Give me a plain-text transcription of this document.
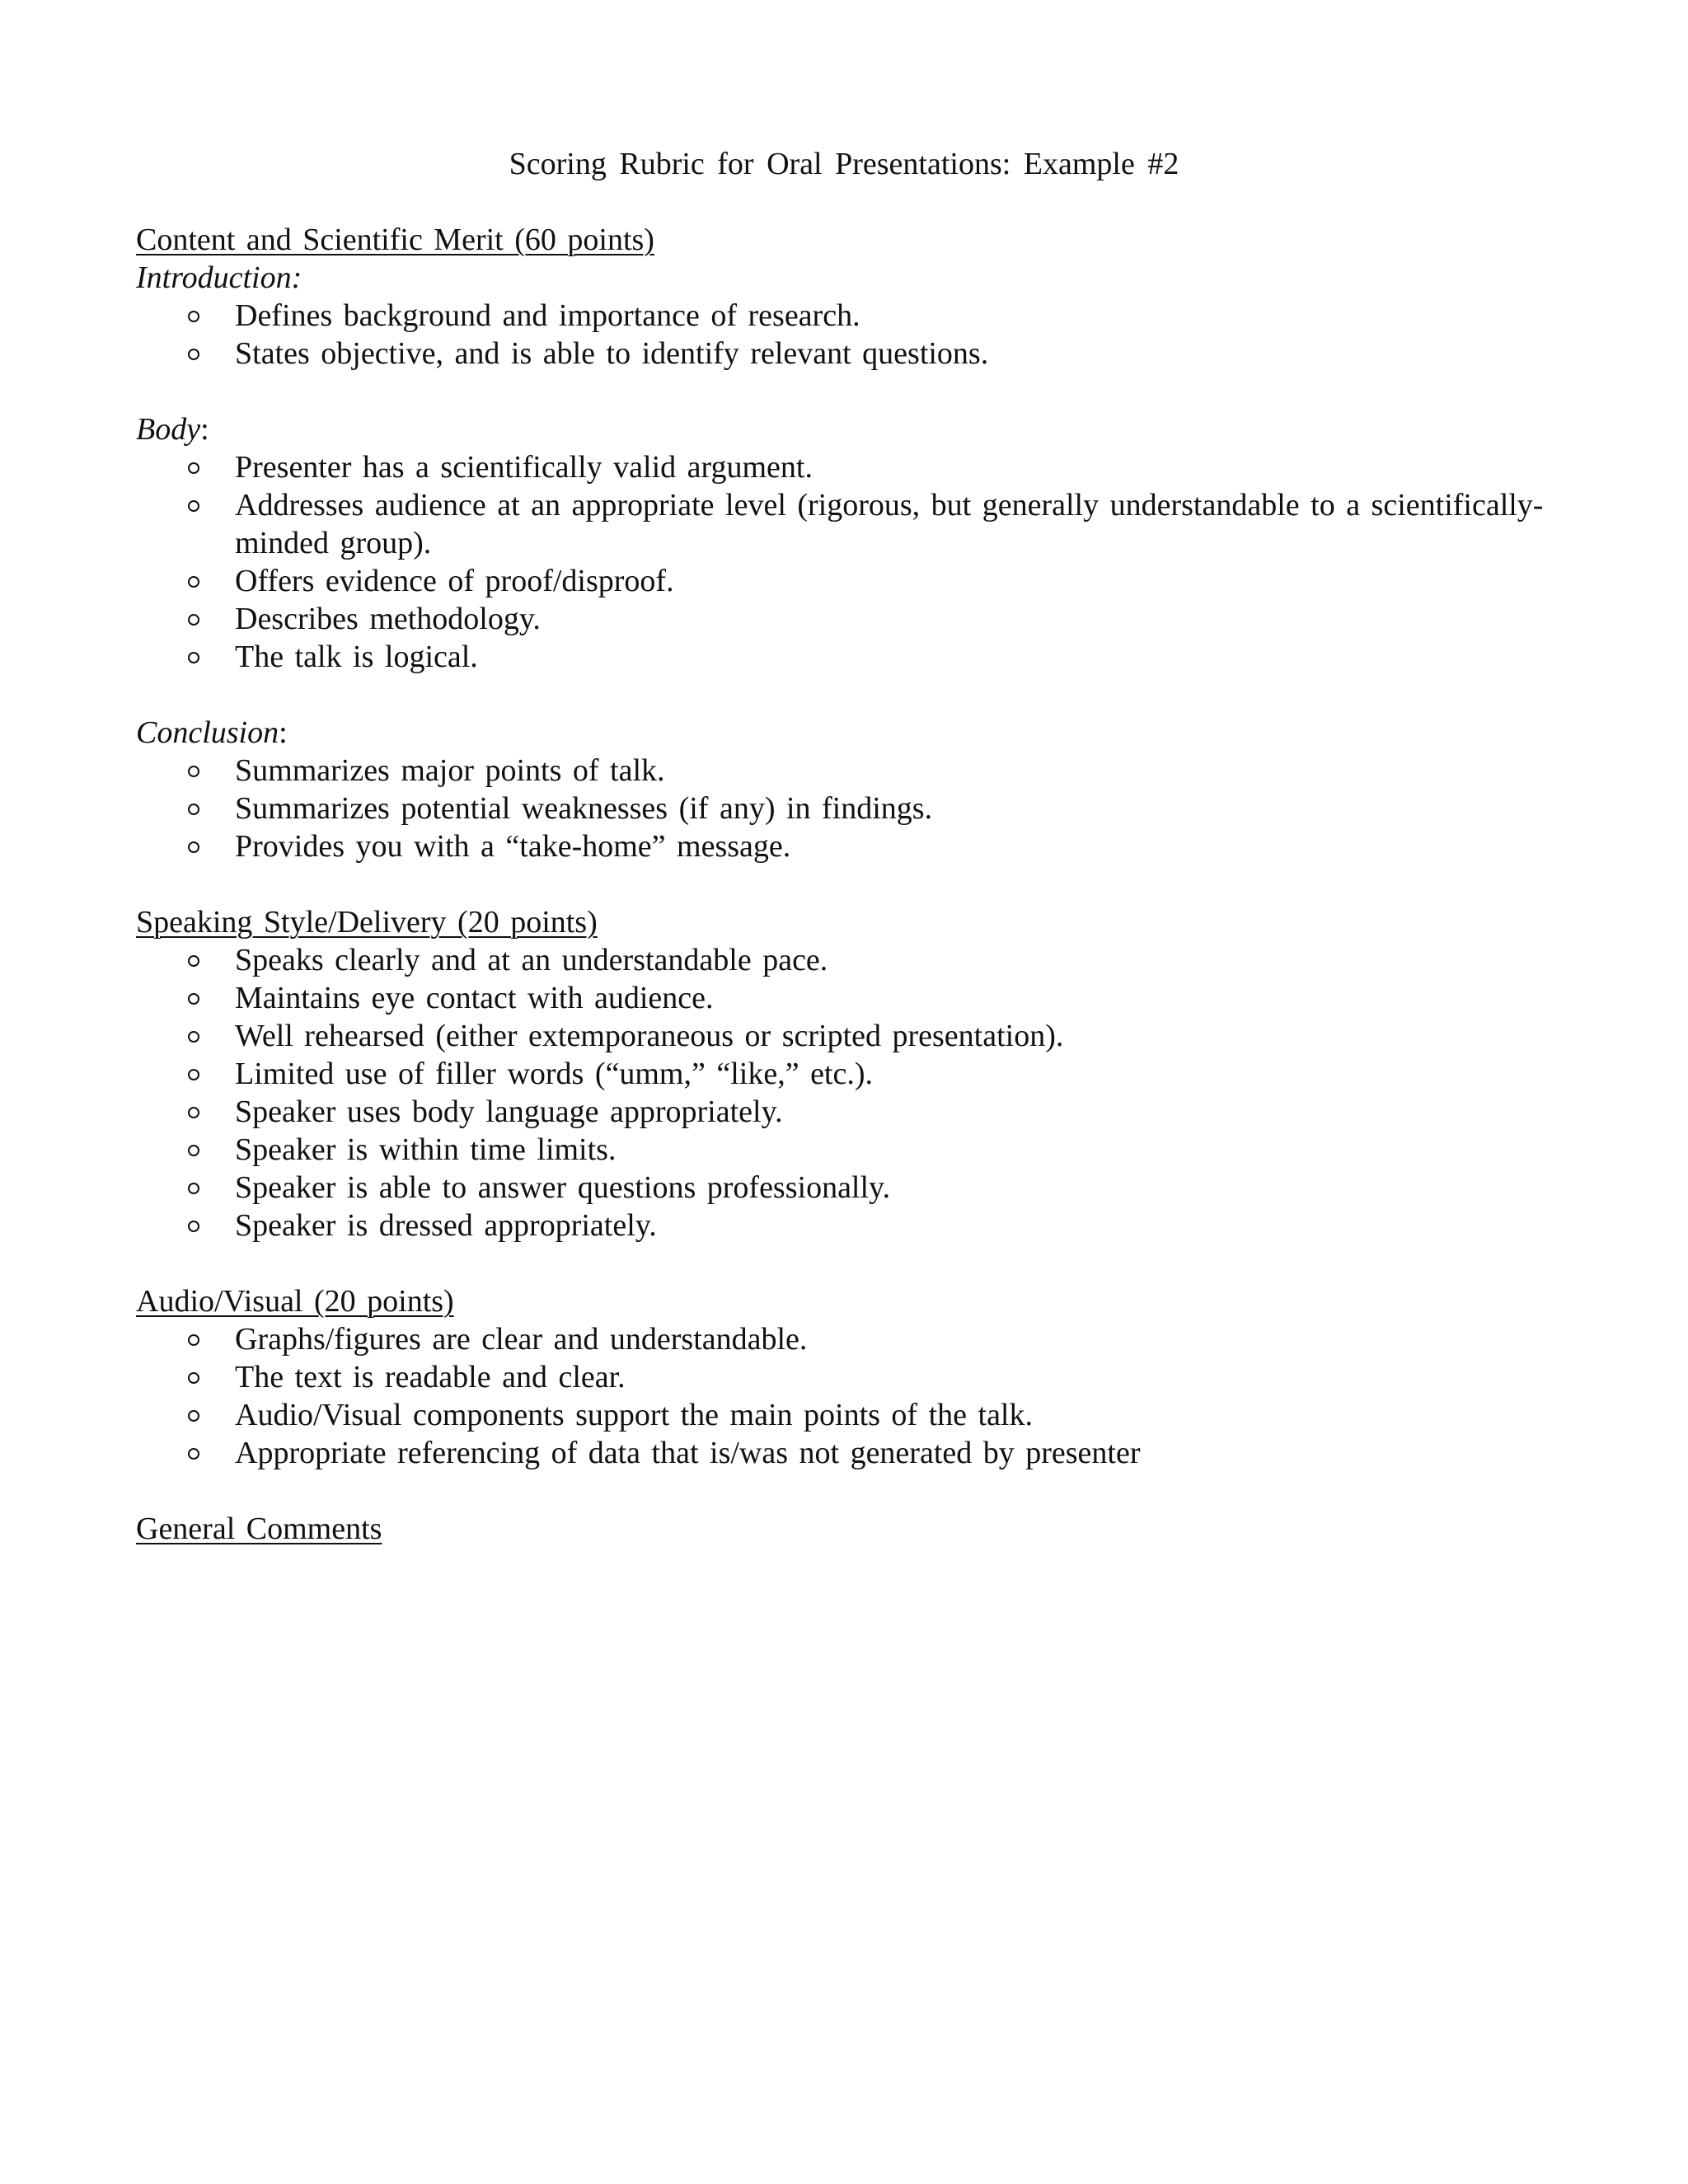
Scoring Rubric for Oral Presentations: Example #2
Content and Scientific Merit (60 points)
Introduction:
Defines background and importance of research.
States objective, and is able to identify relevant questions.
Body:
Presenter has a scientifically valid argument.
Addresses audience at an appropriate level (rigorous, but generally understandable to a scientifically-minded group).
Offers evidence of proof/disproof.
Describes methodology.
The talk is logical.
Conclusion:
Summarizes major points of talk.
Summarizes potential weaknesses (if any) in findings.
Provides you with a “take-home” message.
Speaking Style/Delivery (20 points)
Speaks clearly and at an understandable pace.
Maintains eye contact with audience.
Well rehearsed (either extemporaneous or scripted presentation).
Limited use of filler words (“umm,” “like,” etc.).
Speaker uses body language appropriately.
Speaker is within time limits.
Speaker is able to answer questions professionally.
Speaker is dressed appropriately.
Audio/Visual (20 points)
Graphs/figures are clear and understandable.
The text is readable and clear.
Audio/Visual components support the main points of the talk.
Appropriate referencing of data that is/was not generated by presenter
General Comments
